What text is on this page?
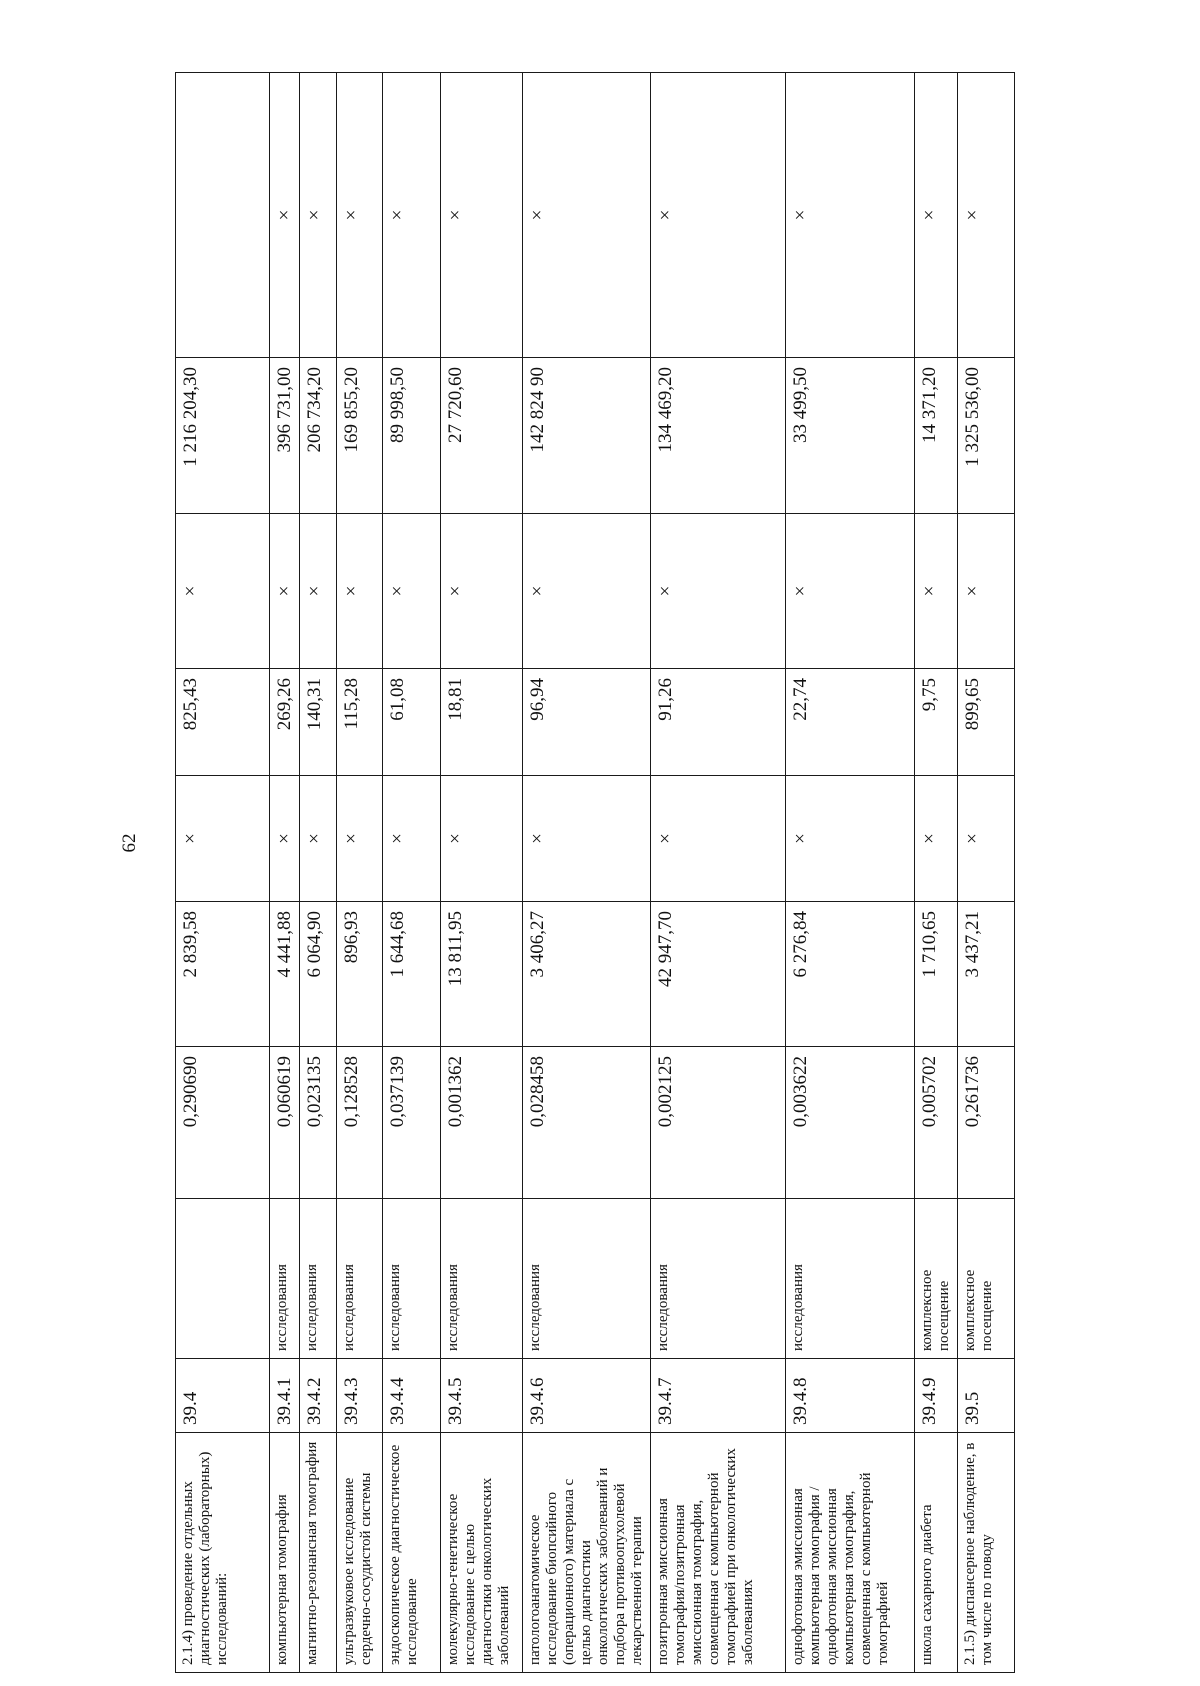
62
2.1.4) проведение отдельных диагностических (лабораторных) исследований:	39.4		0,290690	2 839,58	×	825,43	×	1 216 204,30	
компьютерная томография	39.4.1	исследования	0,060619	4 441,88	×	269,26	×	396 731,00	×
магнитно-резонансная томография	39.4.2	исследования	0,023135	6 064,90	×	140,31	×	206 734,20	×
ультразвуковое исследование сердечно-сосудистой системы	39.4.3	исследования	0,128528	896,93	×	115,28	×	169 855,20	×
эндоскопическое диагностическое исследование	39.4.4	исследования	0,037139	1 644,68	×	61,08	×	89 998,50	×
молекулярно-генетическое исследование с целью диагностики онкологических заболеваний	39.4.5	исследования	0,001362	13 811,95	×	18,81	×	27 720,60	×
патологоанатомическое исследование биопсийного (операционного) материала с целью диагностики онкологических заболеваний и подбора противоопухолевой лекарственной терапии	39.4.6	исследования	0,028458	3 406,27	×	96,94	×	142 824 90	×
позитронная эмиссионная томография/позитронная эмиссионная томография, совмещенная с компьютерной томографией при онкологических заболеваниях	39.4.7	исследования	0,002125	42 947,70	×	91,26	×	134 469,20	×
однофотонная эмиссионная компьютерная томография / однофотонная эмиссионная компьютерная томография, совмещенная с компьютерной томографией	39.4.8	исследования	0,003622	6 276,84	×	22,74	×	33 499,50	×
школа сахарного диабета	39.4.9	комплексное посещение	0,005702	1 710,65	×	9,75	×	14 371,20	×
2.1.5) диспансерное наблюдение, в том числе по поводу	39.5	комплексное посещение	0,261736	3 437,21	×	899,65	×	1 325 536,00	×
